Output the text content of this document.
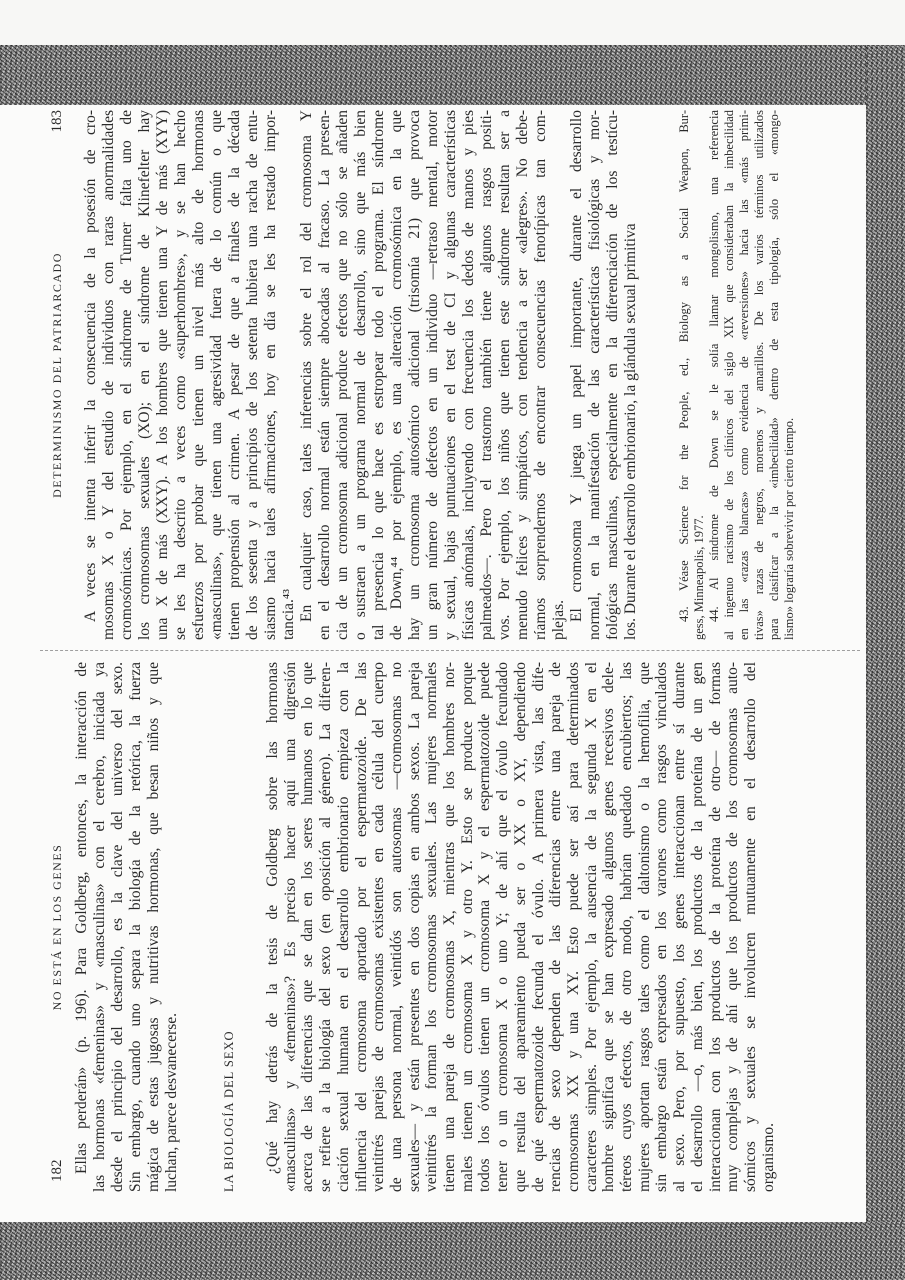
DETERMINISMO DEL PATRIARCADO
183 A veces se intenta inferir la consecuencia de la posesión de cro- mosomas X o Y del estudio de individuos con raras anormalidades cromosómicas. Por ejemplo, en el síndrome de Turner falta uno de los cromosomas sexuales (XO); en el síndrome de Klinefelter hay una X de más (XXY). A los hombres que tienen una Y de más (XYY) se les ha descrito a veces como «superhombres», y se han hecho esfuerzos por probar que tienen un nivel más alto de hormonas «masculinas», que tienen una agresividad fuera de lo común o que tienen propensión al crimen. A pesar de que a finales de la década de los sesenta y a principios de los setenta hubiera una racha de entu- siasmo hacia tales afirmaciones, hoy en día se les ha restado impor- tancia.⁴³ En cualquier caso, tales inferencias sobre el rol del cromosoma Y en el desarrollo normal están siempre abocadas al fracaso. La presen- cia de un cromosoma adicional produce efectos que no sólo se añaden o sustraen a un programa normal de desarrollo, sino que más bien tal presencia lo que hace es estropear todo el programa. El síndrome de Down,⁴⁴ por ejemplo, es una alteración cromosómica en la que hay un cromosoma autosómico adicional (trisomía 21) que provoca un gran número de defectos en un individuo —retraso mental, motor y sexual, bajas puntuaciones en el test de CI y algunas características físicas anómalas, incluyendo con frecuencia los dedos de manos y pies palmeados—. Pero el trastorno también tiene algunos rasgos positi- vos. Por ejemplo, los niños que tienen este síndrome resultan ser a menudo felices y simpáticos, con tendencia a ser «alegres». No debe- ríamos sorprendernos de encontrar consecuencias fenotípicas tan com- plejas. El cromosoma Y juega un papel importante, durante el desarrollo normal, en la manifestación de las características fisiológicas y mor- fológicas masculinas, especialmente en la diferenciación de los testícu- los. Durante el desarrollo embrionario, la glándula sexual primitiva	43. Véase Science for the People, ed., Biology as a Social Weapon, Bur- gess, Minneapolis, 1977. 44. Al síndrome de Down se le solía llamar mongolismo, una referencia al ingenuo racismo de los clínicos del siglo XIX que consideraban la imbecilidad en las «razas blancas» como evidencia de «reversiones» hacia las «más primi- tivas» razas de negros, morenos y amarillos. De los varios términos utilizados para clasificar a la «imbecilidad» dentro de esta tipología, sólo el «mongo- lismo» lograría sobrevivir por cierto tiempo.
182
NO ESTÁ EN LOS GENES Ellas perderán» (p. 196). Para Goldberg, entonces, la interacción de las hormonas «femeninas» y «masculinas» con el cerebro, iniciada ya desde el principio del desarrollo, es la clave del universo del sexo. Sin embargo, cuando uno separa la biología de la retórica, la fuerza mágica de estas jugosas y nutritivas hormonas, que besan niños y que luchan, parece desvanecerse.	LA BIOLOGÍA DEL SEXO ¿Qué hay detrás de la tesis de Goldberg sobre las hormonas «masculinas» y «femeninas»? Es preciso hacer aquí una digresión acerca de las diferencias que se dan en los seres humanos en lo que se refiere a la biología del sexo (en oposición al género). La diferen- ciación sexual humana en el desarrollo embrionario empieza con la influencia del cromosoma aportado por el espermatozoide. De las veintitrés parejas de cromosomas existentes en cada célula del cuerpo de una persona normal, veintidós son autosomas —cromosomas no sexuales— y están presentes en dos copias en ambos sexos. La pareja veintitrés la forman los cromosomas sexuales. Las mujeres normales tienen una pareja de cromosomas X, mientras que los hombres nor- males tienen un cromosoma X y otro Y. Esto se produce porque todos los óvulos tienen un cromosoma X y el espermatozoide puede tener o un cromosoma X o uno Y; de ahí que el óvulo fecundado que resulta del apareamiento pueda ser o XX o XY, dependiendo de qué espermatozoide fecunda el óvulo. A primera vista, las dife- rencias de sexo dependen de las diferencias entre una pareja de cromosomas XX y una XY. Esto puede ser así para determinados caracteres simples. Por ejemplo, la ausencia de la segunda X en el hombre significa que se han expresado algunos genes recesivos dele- téreos cuyos efectos, de otro modo, habrían quedado encubiertos; las mujeres aportan rasgos tales como el daltonismo o la hemofilia, que sin embargo están expresados en los varones como rasgos vinculados al sexo. Pero, por supuesto, los genes interaccionan entre sí durante el desarrollo —o, más bien, los productos de la proteína de un gen interaccionan con los productos de la proteína de otro— de formas muy complejas y de ahí que los productos de los cromosomas auto- sómicos y sexuales se involucren mutuamente en el desarrollo del organismo.
